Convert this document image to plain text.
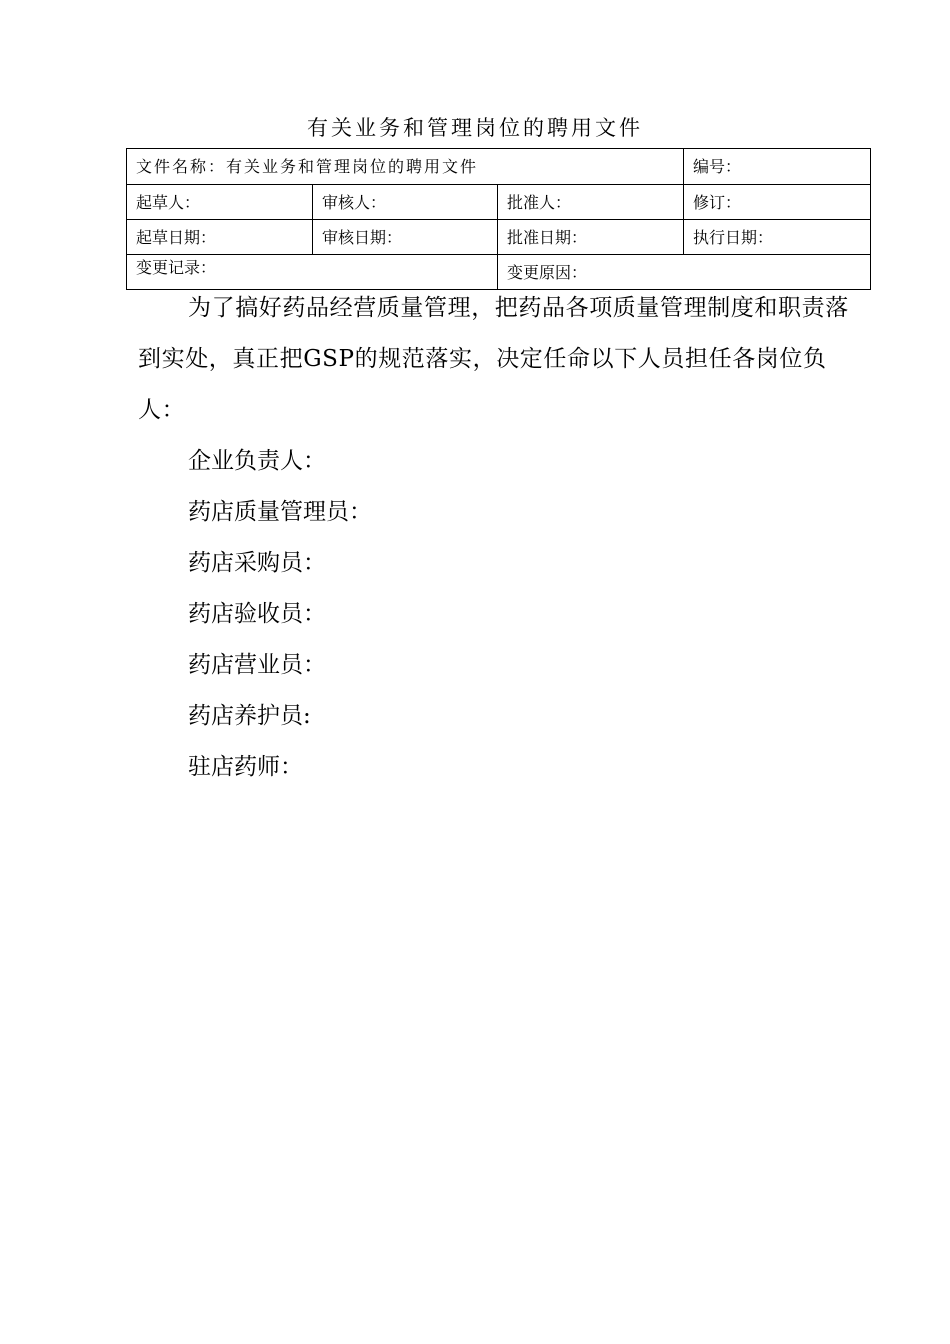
有关业务和管理岗位的聘用文件
文件名称：有关业务和管理岗位的聘用文件			编号：
起草人：	审核人：	批准人：	修订：
起草日期：	审核日期：	批准日期：	执行日期：
变更记录：		变更原因：	

为了搞好药品经营质量管理，把药品各项质量管理制度和职责落到实处，真正把GSP的规范落实，决定任命以下人员担任各岗位负人：

企业负责人：

药店质量管理员：

药店采购员：

药店验收员：

药店营业员：

药店养护员:

驻店药师：
